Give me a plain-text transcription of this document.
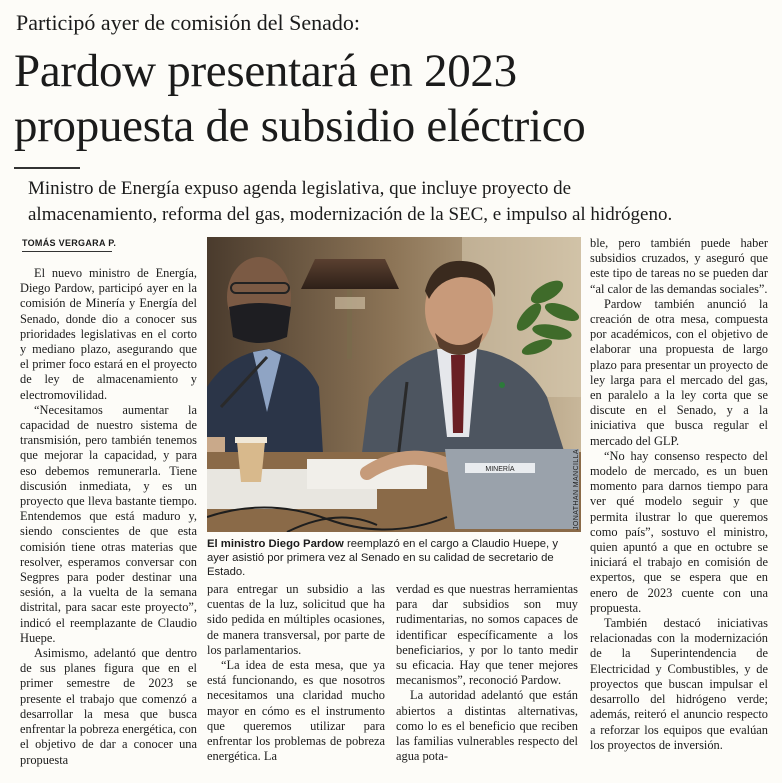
Participó ayer de comisión del Senado:
Pardow presentará en 2023
propuesta de subsidio eléctrico
Ministro de Energía expuso agenda legislativa, que incluye proyecto de
almacenamiento, reforma del gas, modernización de la SEC, e impulso al hidrógeno.
TOMÁS VERGARA P.

El nuevo ministro de Energía, Diego Pardow, participó ayer en la comisión de Minería y Energía del Senado, donde dio a conocer sus prioridades legislativas en el corto y mediano plazo, asegurando que el primer foco estará en el proyecto de ley de almacenamiento y electromovilidad.

“Necesitamos aumentar la capacidad de nuestro sistema de transmisión, pero también tenemos que mejorar la capacidad, y para eso debemos remunerarla. Tiene discusión inmediata, y es un proyecto que lleva bastante tiempo. Entendemos que está maduro y, siendo conscientes de que esta comisión tiene otras materias que resolver, esperamos conversar con Segpres para poder destinar una sesión, a la vuelta de la semana distrital, para sacar este proyecto”, indicó el reemplazante de Claudio Huepe.

Asimismo, adelantó que dentro de sus planes figura que en el primer semestre de 2023 se presente el trabajo que comenzó a desarrollar la mesa que busca enfrentar la pobreza energética, con el objetivo de dar a conocer una propuesta

MINERÍA	JONATHAN MANCILLA
El ministro Diego Pardow reemplazó en el cargo a Claudio Huepe, y ayer asistió por primera vez al Senado en su calidad de secretario de Estado.

para entregar un subsidio a las cuentas de la luz, solicitud que ha sido pedida en múltiples ocasiones, de manera transversal, por parte de los parlamentarios.

“La idea de esta mesa, que ya está funcionando, es que nosotros necesitamos una claridad mucho mayor en cómo es el instrumento que queremos utilizar para enfrentar los problemas de pobreza energética. La

verdad es que nuestras herramientas para dar subsidios son muy rudimentarias, no somos capaces de identificar específicamente a los beneficiarios, y por lo tanto medir su eficacia. Hay que tener mejores mecanismos”, reconoció Pardow.

La autoridad adelantó que están abiertos a distintas alternativas, como lo es el beneficio que reciben las familias vulnerables respecto del agua pota-

ble, pero también puede haber subsidios cruzados, y aseguró que este tipo de tareas no se pueden dar “al calor de las demandas sociales”.

Pardow también anunció la creación de otra mesa, compuesta por académicos, con el objetivo de elaborar una propuesta de largo plazo para presentar un proyecto de ley larga para el mercado del gas, en paralelo a la ley corta que se discute en el Senado, y a la iniciativa que busca regular el mercado del GLP.

“No hay consenso respecto del modelo de mercado, es un buen momento para darnos tiempo para ver qué modelo seguir y que permita ilustrar lo que queremos como país”, sostuvo el ministro, quien apuntó a que en octubre se iniciará el trabajo en comisión de expertos, que se espera que en enero de 2023 cuente con una propuesta.

También destacó iniciativas relacionadas con la modernización de la Superintendencia de Electricidad y Combustibles, y de proyectos que buscan impulsar el desarrollo del hidrógeno verde; además, reiteró el anuncio respecto a reforzar los equipos que evalúan los proyectos de inversión.
